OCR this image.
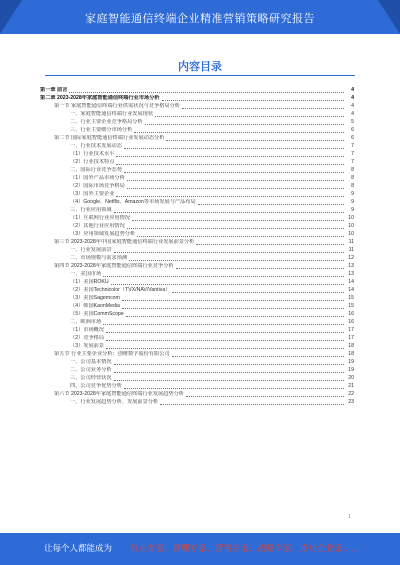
家庭智能通信终端企业精准营销策略研究报告
内容目录
第一章 前言	4
第二章 2023-2028年家庭智能通信终端行业市场分析	4
第一节 家庭智能通信终端行业供需状况与竞争格局分析	4
一、家庭智能通信终端行业发展现状	4
二、行业主要企业竞争格局分析	5
三、行业主要细分市场分析	6
第二节 国际家庭智能通信终端行业发展动态分析	6
一、行业技术发展动态	7
（1）行业技术水平	7
（2）行业技术特点	7
二、国际行业竞争态势	8
（1）国外产品市场分析	8
（2）国际市场竞争格局	8
（3）国外主要企业	9
（4）Google、Netflix、Amazon等市场发展与产品布局	9
三、行业应用领域	9
（1）互联网行业应用情况	10
（2）其他行业应用情况	10
（3）应用领域发展趋势分析	10
第三节 2023-2028年中国家庭智能通信终端行业发展前景分析	11
一、行业发展前景	11
二、市场规模与需求预测	12
第四节 2023-2028年家庭智能通信终端行业竞争分析	13
一、美国市场	13
（1）美国ROKU	14
（2）美国Technicolor（TVX/NAV/Vantiva）	14
（3）美国Sagemcom	15
（4）韩国KaonMedia	15
（5）美国CommScope	16
二、欧洲市场	16
（1）市场概况	17
（2）竞争格局	17
（3）发展前景	18
第五节 行业主要企业分析：创维数字股份有限公司	18
一、公司基本情况	19
二、公司业务分析	19
三、公司经营状况	20
四、公司竞争优势分析	21
第六节 2023-2028年家庭智能通信终端行业发展趋势分析	22
一、行业发展趋势分析、发展前景分析	23
1
让每个人都能成为 行业专家、管理专家、营销专家、战略专家、成功企业家……
